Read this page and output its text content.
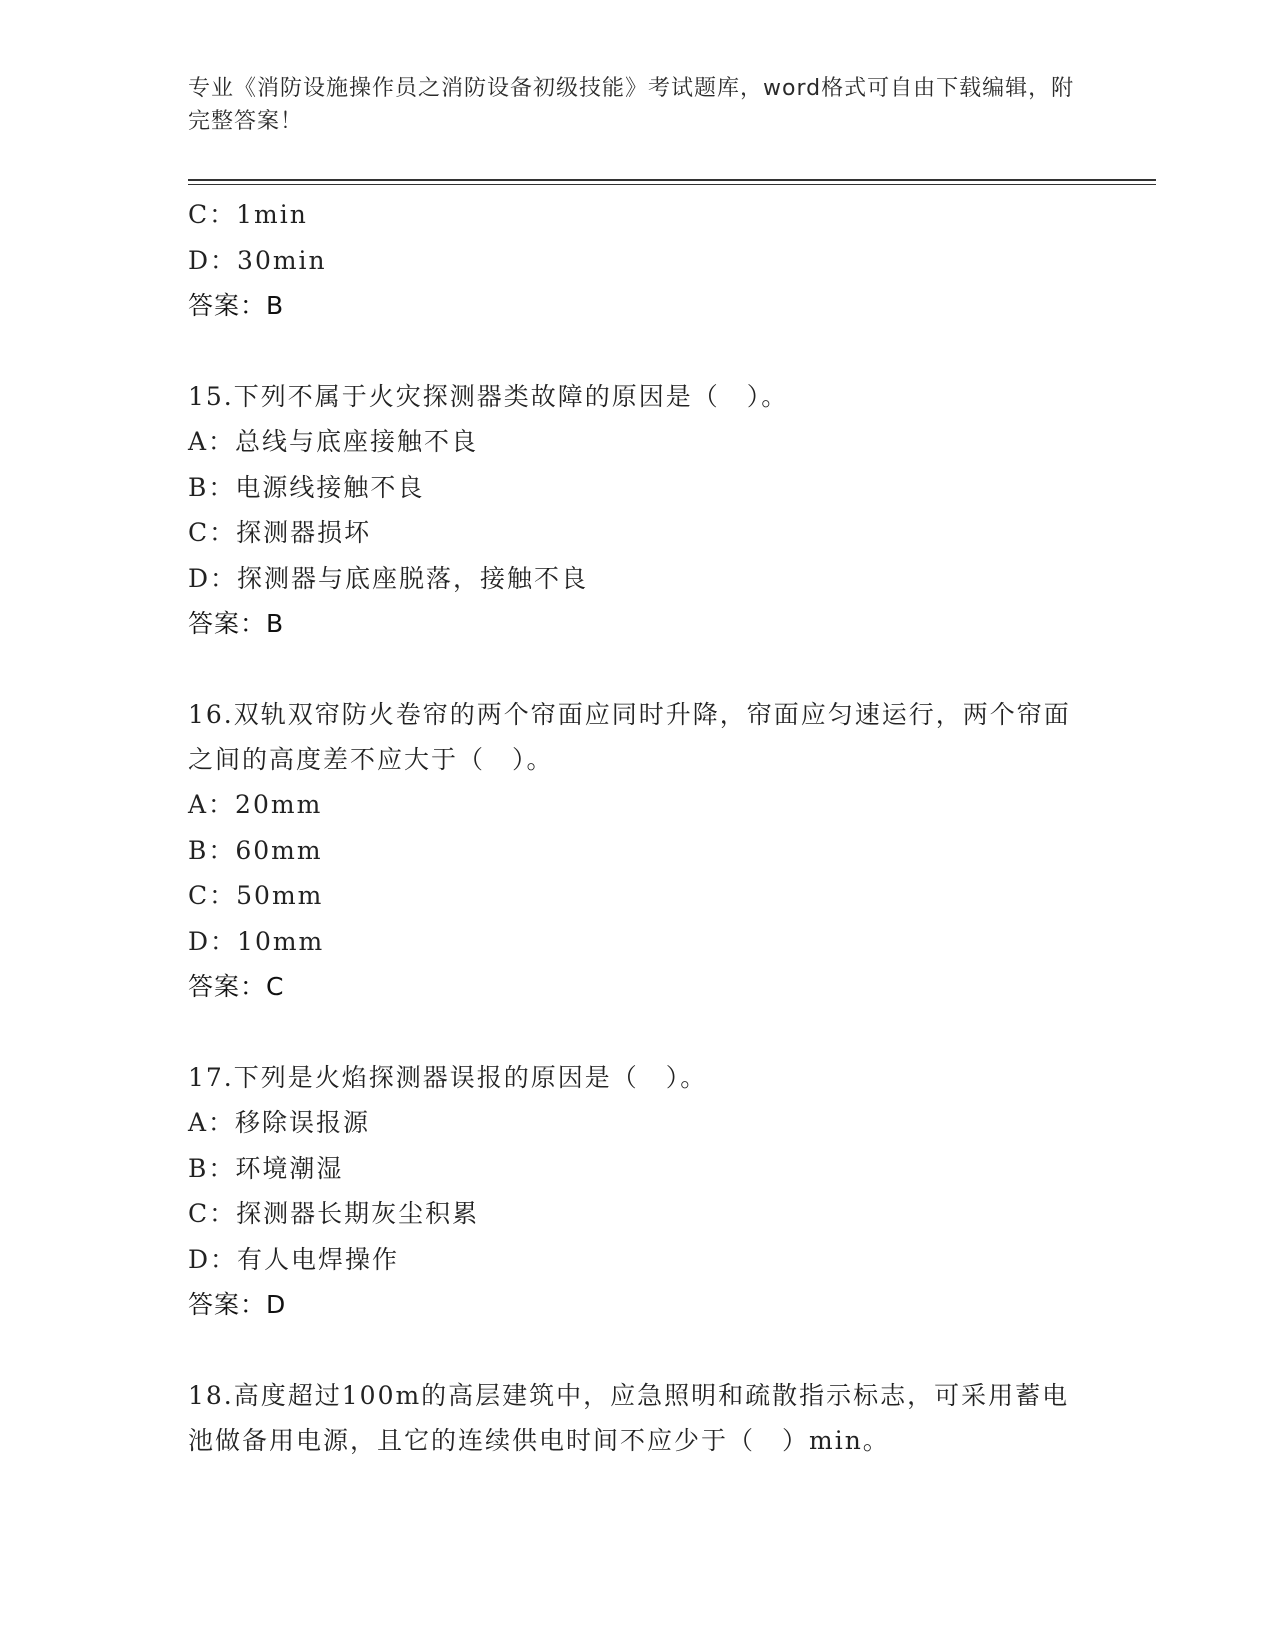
专业《消防设施操作员之消防设备初级技能》考试题库，word格式可自由下载编辑，附完整答案！
C：1min
D：30min
答案：B
15.下列不属于火灾探测器类故障的原因是（　）。
A：总线与底座接触不良
B：电源线接触不良
C：探测器损坏
D：探测器与底座脱落，接触不良
答案：B
16.双轨双帘防火卷帘的两个帘面应同时升降，帘面应匀速运行，两个帘面之间的高度差不应大于（　）。
A：20mm
B：60mm
C：50mm
D：10mm
答案：C
17.下列是火焰探测器误报的原因是（　）。
A：移除误报源
B：环境潮湿
C：探测器长期灰尘积累
D：有人电焊操作
答案：D
18.高度超过100m的高层建筑中，应急照明和疏散指示标志，可采用蓄电池做备用电源，且它的连续供电时间不应少于（　）min。
